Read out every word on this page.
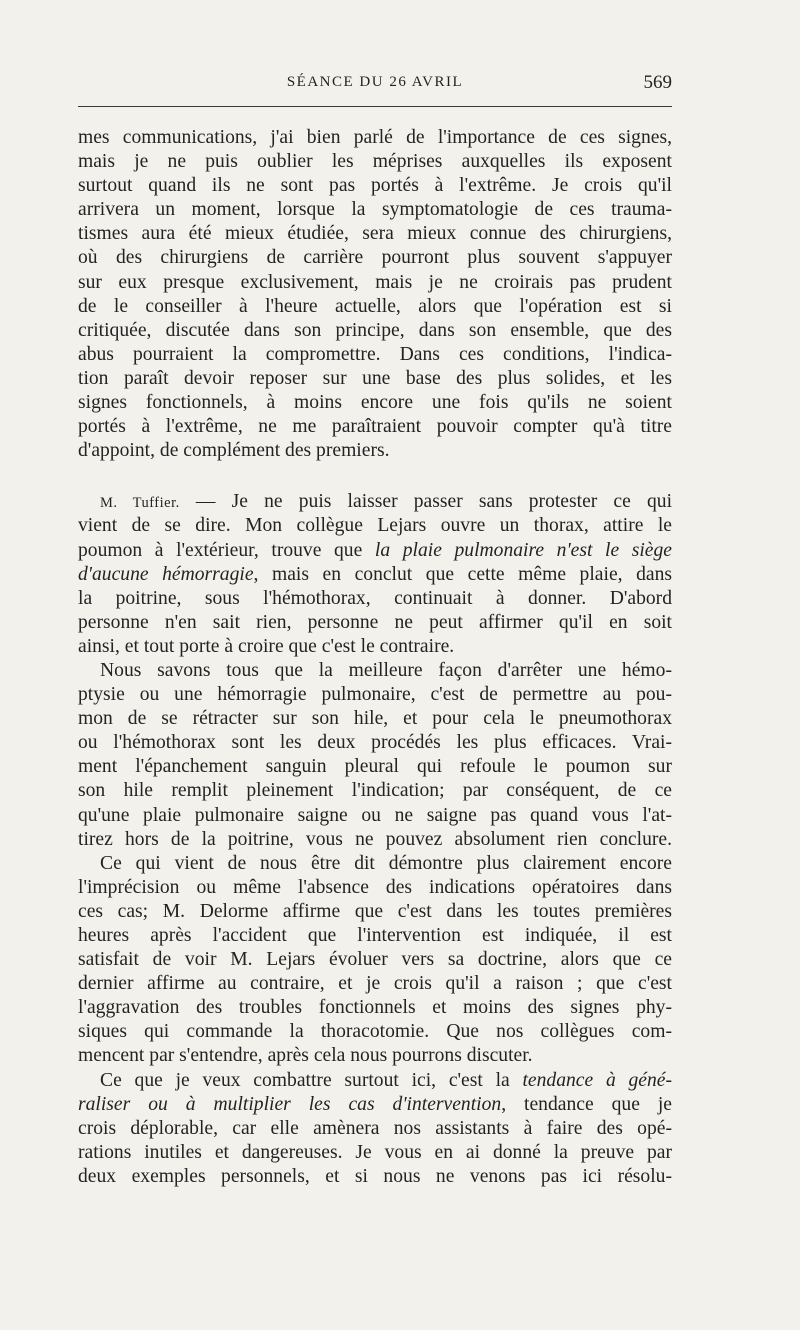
SÉANCE DU 26 AVRIL	569
mes communications, j'ai bien parlé de l'importance de ces signes,
mais je ne puis oublier les méprises auxquelles ils exposent
surtout quand ils ne sont pas portés à l'extrême. Je crois qu'il
arrivera un moment, lorsque la symptomatologie de ces trauma-
tismes aura été mieux étudiée, sera mieux connue des chirurgiens,
où des chirurgiens de carrière pourront plus souvent s'appuyer
sur eux presque exclusivement, mais je ne croirais pas prudent
de le conseiller à l'heure actuelle, alors que l'opération est si
critiquée, discutée dans son principe, dans son ensemble, que des
abus pourraient la compromettre. Dans ces conditions, l'indica-
tion paraît devoir reposer sur une base des plus solides, et les
signes fonctionnels, à moins encore une fois qu'ils ne soient
portés à l'extrême, ne me paraîtraient pouvoir compter qu'à titre
d'appoint, de complément des premiers.
M. Tuffier. — Je ne puis laisser passer sans protester ce qui
vient de se dire. Mon collègue Lejars ouvre un thorax, attire le
poumon à l'extérieur, trouve que la plaie pulmonaire n'est le siège
d'aucune hémorragie, mais en conclut que cette même plaie, dans
la poitrine, sous l'hémothorax, continuait à donner. D'abord
personne n'en sait rien, personne ne peut affirmer qu'il en soit
ainsi, et tout porte à croire que c'est le contraire.
Nous savons tous que la meilleure façon d'arrêter une hémo-
ptysie ou une hémorragie pulmonaire, c'est de permettre au pou-
mon de se rétracter sur son hile, et pour cela le pneumothorax
ou l'hémothorax sont les deux procédés les plus efficaces. Vrai-
ment l'épanchement sanguin pleural qui refoule le poumon sur
son hile remplit pleinement l'indication; par conséquent, de ce
qu'une plaie pulmonaire saigne ou ne saigne pas quand vous l'at-
tirez hors de la poitrine, vous ne pouvez absolument rien conclure.
Ce qui vient de nous être dit démontre plus clairement encore
l'imprécision ou même l'absence des indications opératoires dans
ces cas; M. Delorme affirme que c'est dans les toutes premières
heures après l'accident que l'intervention est indiquée, il est
satisfait de voir M. Lejars évoluer vers sa doctrine, alors que ce
dernier affirme au contraire, et je crois qu'il a raison ; que c'est
l'aggravation des troubles fonctionnels et moins des signes phy-
siques qui commande la thoracotomie. Que nos collègues com-
mencent par s'entendre, après cela nous pourrons discuter.
Ce que je veux combattre surtout ici, c'est la tendance à géné-
raliser ou à multiplier les cas d'intervention, tendance que je
crois déplorable, car elle amènera nos assistants à faire des opé-
rations inutiles et dangereuses. Je vous en ai donné la preuve par
deux exemples personnels, et si nous ne venons pas ici résolu-
